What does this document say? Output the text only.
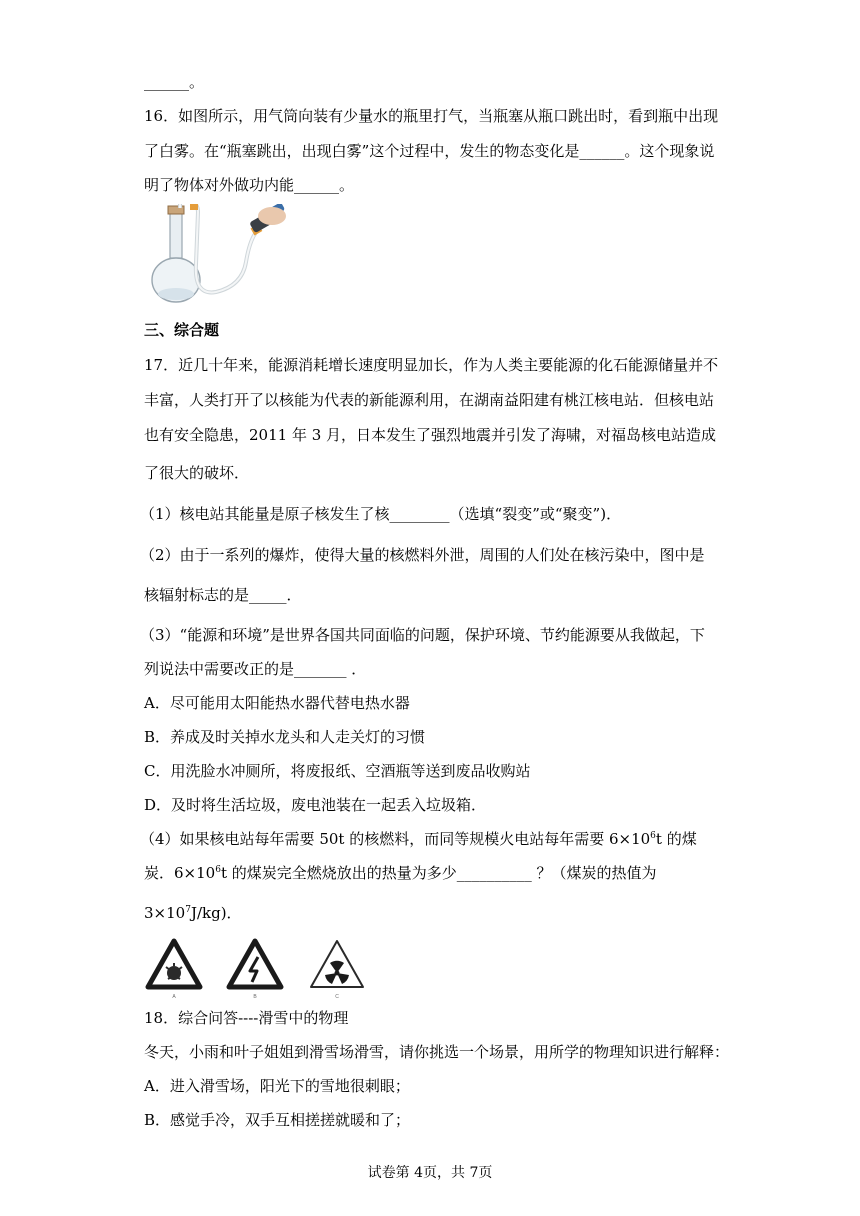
______。
16．如图所示，用气筒向装有少量水的瓶里打气，当瓶塞从瓶口跳出时，看到瓶中出现
了白雾。在“瓶塞跳出，出现白雾”这个过程中，发生的物态变化是______。这个现象说
明了物体对外做功内能______。
三、综合题
17．近几十年来，能源消耗增长速度明显加长，作为人类主要能源的化石能源储量并不
丰富，人类打开了以核能为代表的新能源利用，在湖南益阳建有桃江核电站．但核电站
也有安全隐患，2011 年 3 月，日本发生了强烈地震并引发了海啸，对福岛核电站造成
了很大的破坏．
（1）核电站其能量是原子核发生了核________（选填“裂变”或“聚变”)．
（2）由于一系列的爆炸，使得大量的核燃料外泄，周围的人们处在核污染中，图中是
核辐射标志的是_____．
（3）“能源和环境”是世界各国共同面临的问题，保护环境、节约能源要从我做起，下
列说法中需要改正的是_______ ．
A．尽可能用太阳能热水器代替电热水器
B．养成及时关掉水龙头和人走关灯的习惯
C．用洗脸水冲厕所，将废报纸、空酒瓶等送到废品收购站
D．及时将生活垃圾，废电池装在一起丢入垃圾箱．
（4）如果核电站每年需要 50t 的核燃料，而同等规模火电站每年需要 $6\times 10^6t$ 的煤
炭．$6\times 10^6t$ 的煤炭完全燃烧放出的热量为多少__________ ？（煤炭的热值为
$3\times 10^7J/kg$)．
A	B	C
18．综合问答----滑雪中的物理
冬天，小雨和叶子姐姐到滑雪场滑雪，请你挑选一个场景，用所学的物理知识进行解释：
A．进入滑雪场，阳光下的雪地很刺眼；
B．感觉手冷，双手互相搓搓就暖和了；
试卷第 4页，共 7页
